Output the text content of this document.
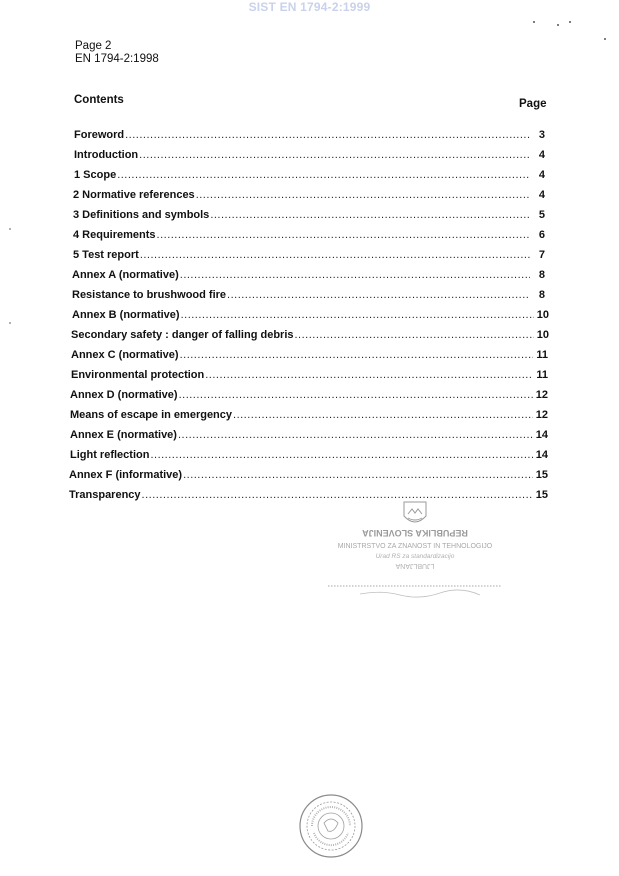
SIST EN 1794-2:1999
Page 2
EN 1794-2:1998
Contents	Page
Foreword .....	3
Introduction .....	4
1 Scope .....	4
2 Normative references .....	4
3 Definitions and symbols .....	5
4 Requirements .....	6
5 Test report .....	7
Annex A (normative) .....	8
Resistance to brushwood fire .....	8
Annex B (normative) .....	10
Secondary safety : danger of falling debris .....	10
Annex C (normative) .....	11
Environmental protection .....	11
Annex D (normative) .....	12
Means of escape in emergency .....	12
Annex E (normative) .....	14
Light reflection .....	14
Annex F (informative) .....	15
Transparency .....	15
REPUBLIKA SLOVENIJA
MINISTRSTVO ZA ZNANOST IN TEHNOLOGIJO
Urad RS za standardizacijo
LJUBLJANA
